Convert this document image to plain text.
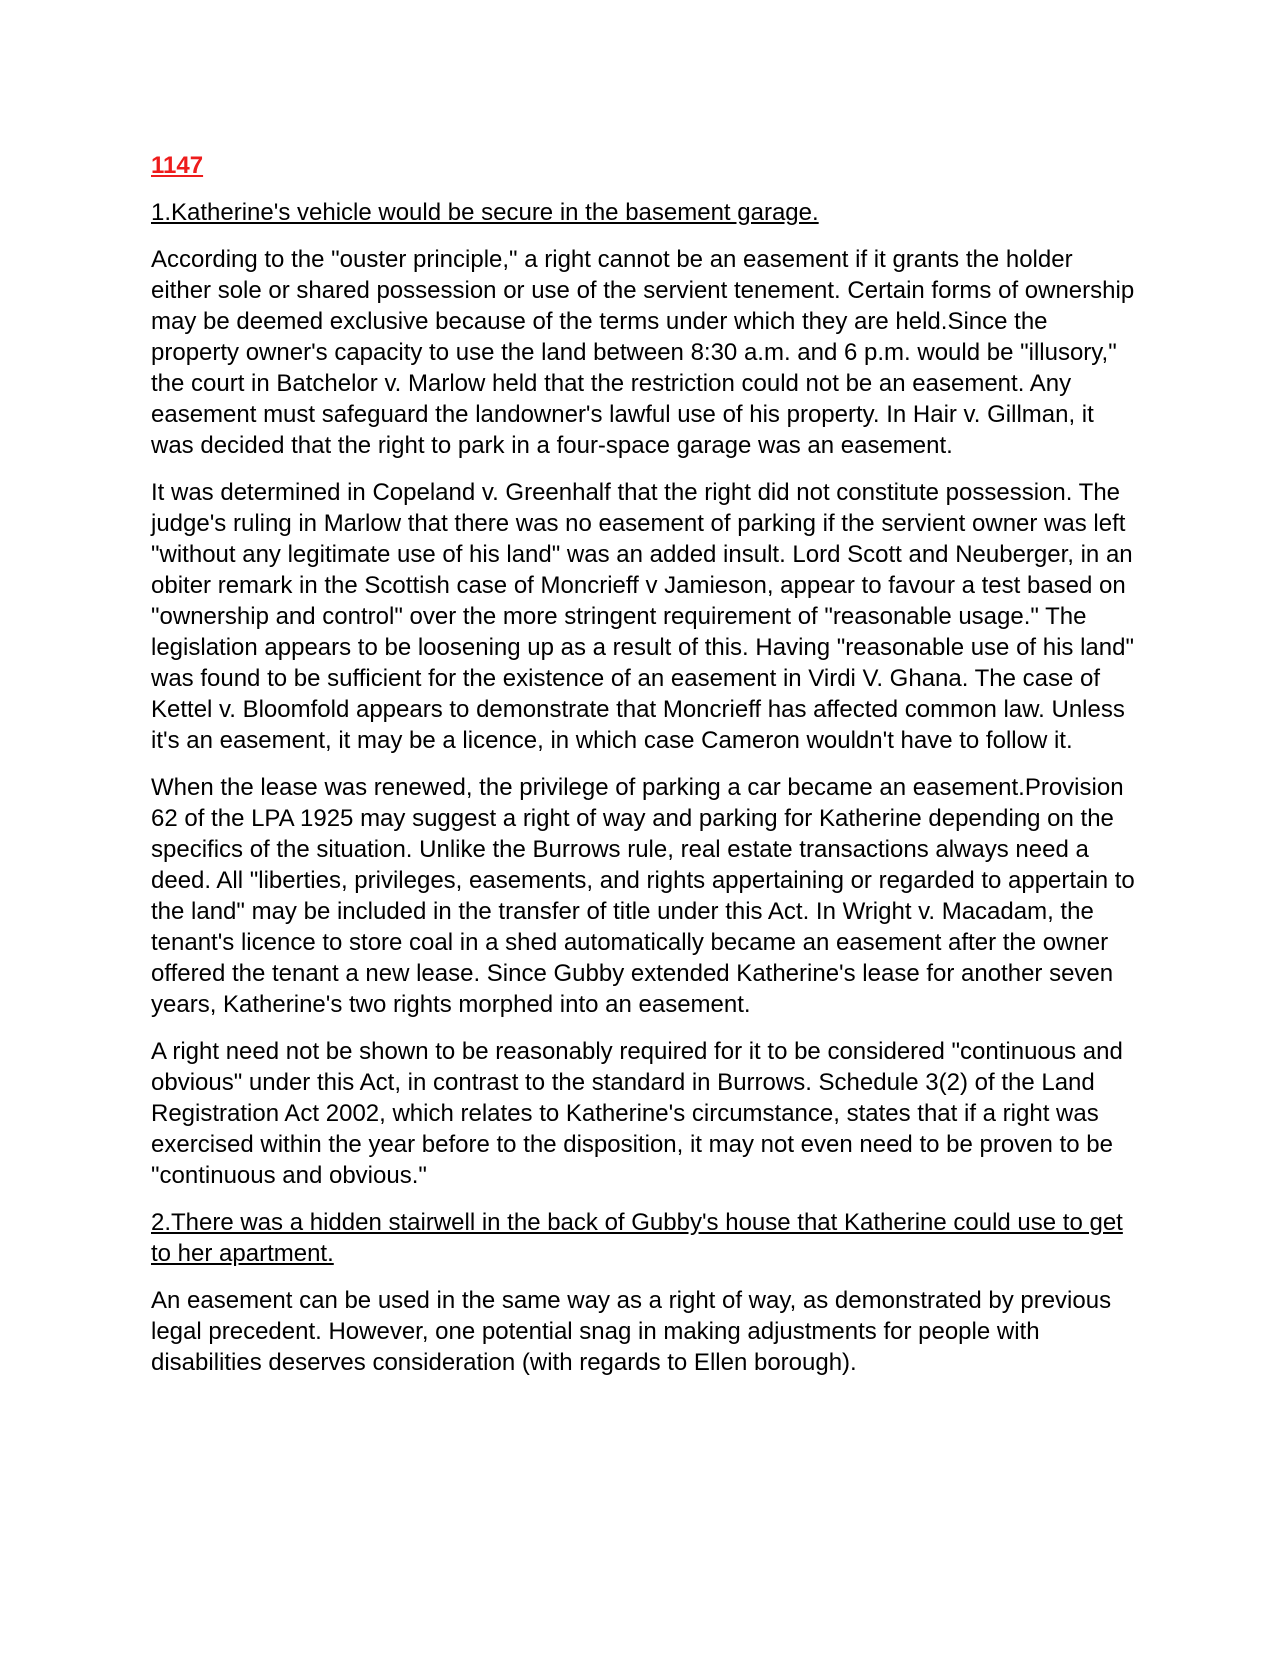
1147
1.Katherine's vehicle would be secure in the basement garage.

According to the "ouster principle," a right cannot be an easement if it grants the holder either sole or shared possession or use of the servient tenement. Certain forms of ownership may be deemed exclusive because of the terms under which they are held.Since the property owner's capacity to use the land between 8:30 a.m. and 6 p.m. would be "illusory," the court in Batchelor v. Marlow held that the restriction could not be an easement. Any easement must safeguard the landowner's lawful use of his property. In Hair v. Gillman, it was decided that the right to park in a four-space garage was an easement.

It was determined in Copeland v. Greenhalf that the right did not constitute possession. The judge's ruling in Marlow that there was no easement of parking if the servient owner was left "without any legitimate use of his land" was an added insult. Lord Scott and Neuberger, in an obiter remark in the Scottish case of Moncrieff v Jamieson, appear to favour a test based on "ownership and control" over the more stringent requirement of "reasonable usage." The legislation appears to be loosening up as a result of this. Having "reasonable use of his land" was found to be sufficient for the existence of an easement in Virdi V. Ghana. The case of Kettel v. Bloomfold appears to demonstrate that Moncrieff has affected common law. Unless it's an easement, it may be a licence, in which case Cameron wouldn't have to follow it.

When the lease was renewed, the privilege of parking a car became an easement.Provision 62 of the LPA 1925 may suggest a right of way and parking for Katherine depending on the specifics of the situation. Unlike the Burrows rule, real estate transactions always need a deed. All "liberties, privileges, easements, and rights appertaining or regarded to appertain to the land" may be included in the transfer of title under this Act. In Wright v. Macadam, the tenant's licence to store coal in a shed automatically became an easement after the owner offered the tenant a new lease. Since Gubby extended Katherine's lease for another seven years, Katherine's two rights morphed into an easement.

A right need not be shown to be reasonably required for it to be considered "continuous and obvious" under this Act, in contrast to the standard in Burrows. Schedule 3(2) of the Land Registration Act 2002, which relates to Katherine's circumstance, states that if a right was exercised within the year before to the disposition, it may not even need to be proven to be "continuous and obvious."

2.There was a hidden stairwell in the back of Gubby's house that Katherine could use to get to her apartment.

An easement can be used in the same way as a right of way, as demonstrated by previous legal precedent. However, one potential snag in making adjustments for people with disabilities deserves consideration (with regards to Ellen borough).
